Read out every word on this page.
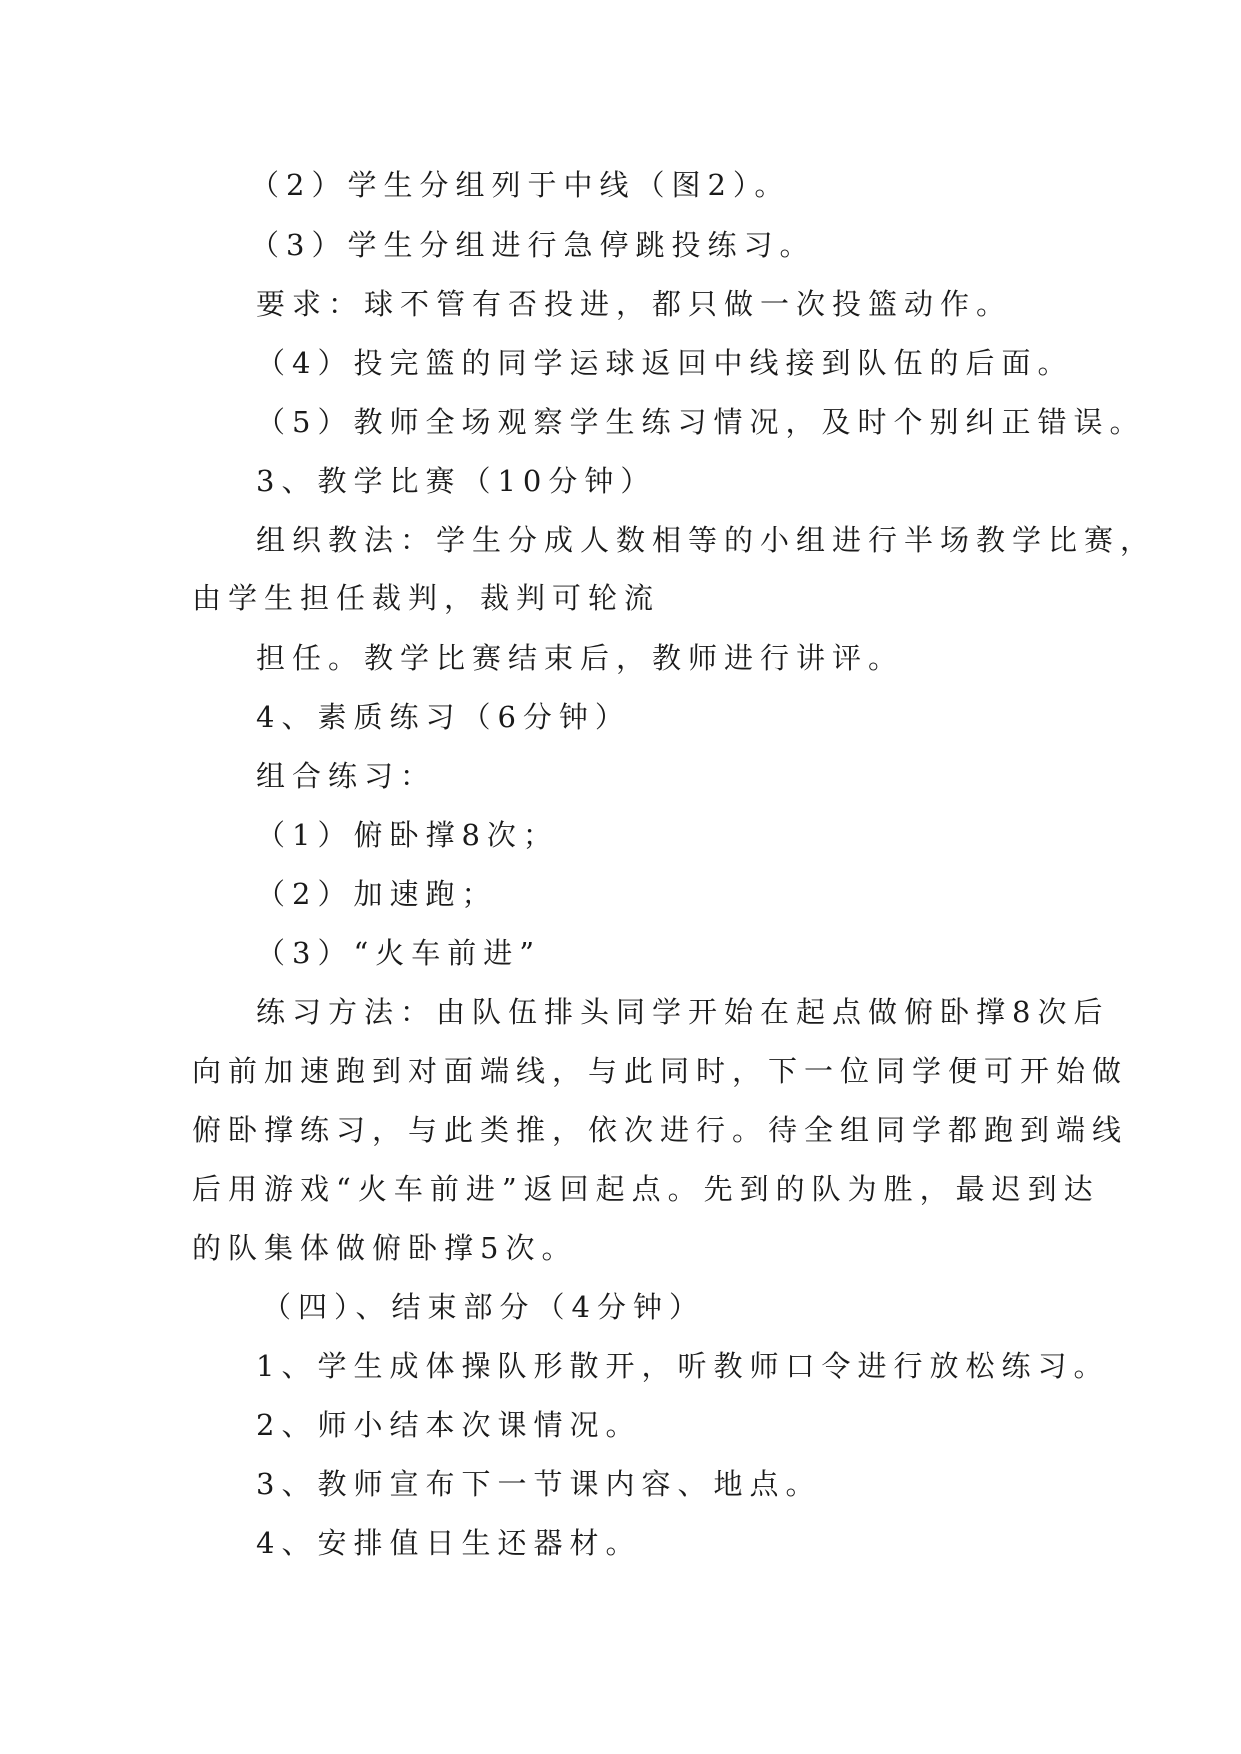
（2）学生分组列于中线（图2）。
（3）学生分组进行急停跳投练习。
要求：球不管有否投进，都只做一次投篮动作。
（4）投完篮的同学运球返回中线接到队伍的后面。
（5）教师全场观察学生练习情况，及时个别纠正错误。
3、教学比赛（10分钟）
组织教法：学生分成人数相等的小组进行半场教学比赛，
由学生担任裁判，裁判可轮流
担任。教学比赛结束后，教师进行讲评。
4、素质练习（6分钟）
组合练习：
（1）俯卧撑8次；
（2）加速跑；
（3）“火车前进”
练习方法：由队伍排头同学开始在起点做俯卧撑8次后
向前加速跑到对面端线，与此同时，下一位同学便可开始做
俯卧撑练习，与此类推，依次进行。待全组同学都跑到端线
后用游戏“火车前进”返回起点。先到的队为胜，最迟到达
的队集体做俯卧撑5次。
（四）、结束部分（4分钟）
1、学生成体操队形散开，听教师口令进行放松练习。
2、师小结本次课情况。
3、教师宣布下一节课内容、地点。
4、安排值日生还器材。
